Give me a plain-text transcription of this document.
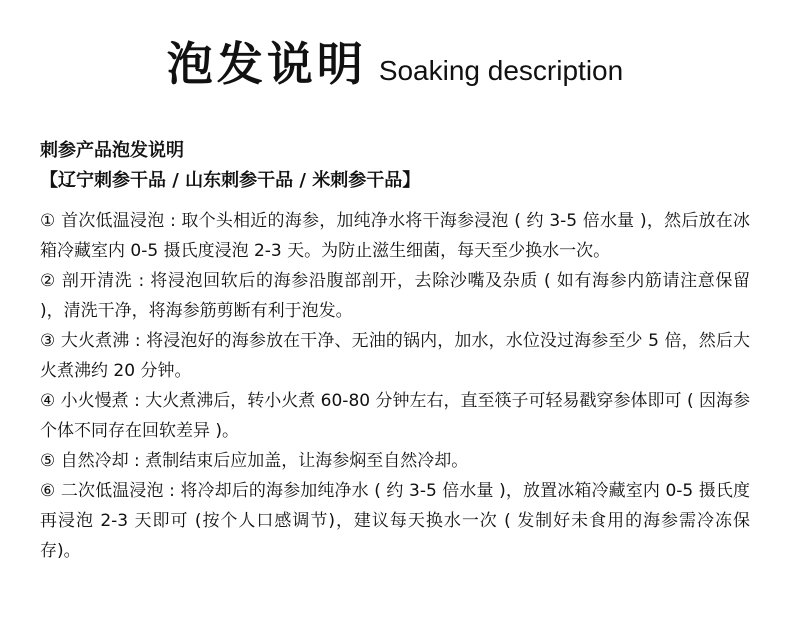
泡发说明 Soaking description
刺参产品泡发说明
【辽宁刺参干品 / 山东刺参干品 / 米刺参干品】
① 首次低温浸泡 : 取个头相近的海参，加纯净水将干海参浸泡 ( 约 3-5 倍水量 )，然后放在冰箱冷藏室内 0-5 摄氏度浸泡 2-3 天。为防止滋生细菌，每天至少换水一次。
② 剖开清洗 : 将浸泡回软后的海参沿腹部剖开，去除沙嘴及杂质 ( 如有海参内筋请注意保留 )，清洗干净，将海参筋剪断有利于泡发。
③ 大火煮沸 : 将浸泡好的海参放在干净、无油的锅内，加水，水位没过海参至少 5 倍，然后大火煮沸约 20 分钟。
④ 小火慢煮 : 大火煮沸后，转小火煮 60-80 分钟左右，直至筷子可轻易戳穿参体即可 ( 因海参个体不同存在回软差异 )。
⑤ 自然冷却 : 煮制结束后应加盖，让海参焖至自然冷却。
⑥ 二次低温浸泡 : 将冷却后的海参加纯净水 ( 约 3-5 倍水量 )，放置冰箱冷藏室内 0-5 摄氏度再浸泡 2-3 天即可 (按个人口感调节)，建议每天换水一次 ( 发制好未食用的海参需冷冻保存)。
